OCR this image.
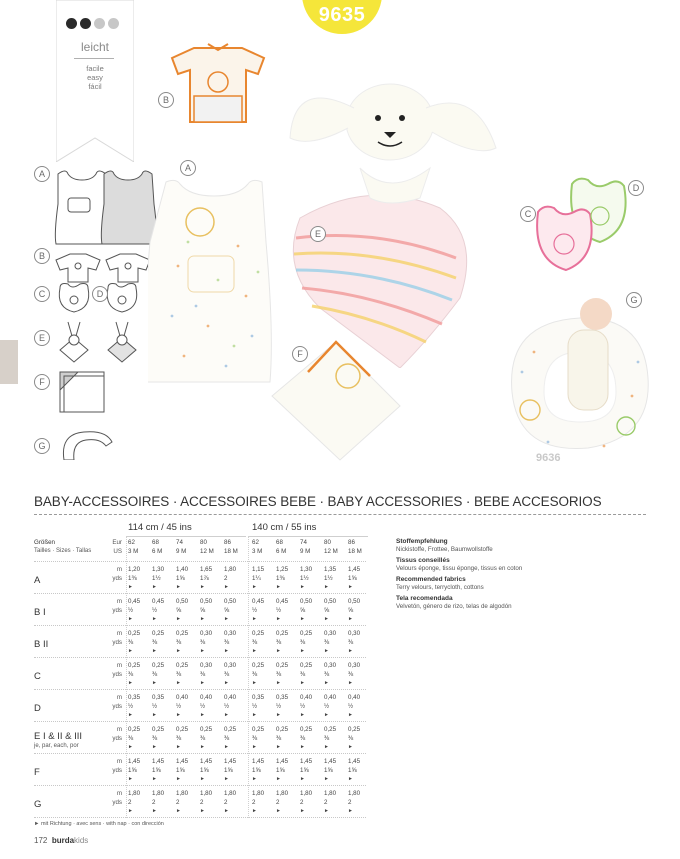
leicht
facile
easy
fácil
9635
A
B
C	D
E
F
G
B
A
E
F
C
D
G
9636
BABY-ACCESSOIRES · ACCESSOIRES BEBE · BABY ACCESSORIES · BEBE ACCESORIOS
114 cm / 45 ins	140 cm / 55 ins
Größen
Tailles · Sizes · Tallas
Eur
US
62
3 M
68
6 M
74
9 M
80
12 M
86
18 M
62
3 M
68
6 M
74
9 M
80
12 M
86
18 M
A
m
yds
1,20
1⅜
►
1,30
1½
►
1,40
1⅝
►
1,65
1⅞
►
1,80
2
►
1,15
1¼
►
1,25
1⅜
►
1,30
1½
►
1,35
1½
►
1,45
1⅝
►
B I
m
yds
0,45
½
►
0,45
½
►
0,50
⅝
►
0,50
⅝
►
0,50
⅝
►
0,45
½
►
0,45
½
►
0,50
⅝
►
0,50
⅝
►
0,50
⅝
►
B II
m
yds
0,25
⅜
►
0,25
⅜
►
0,25
⅜
►
0,30
⅜
►
0,30
⅜
►
0,25
⅜
►
0,25
⅜
►
0,25
⅜
►
0,30
⅜
►
0,30
⅜
►
C
m
yds
0,25
⅜
►
0,25
⅜
►
0,25
⅜
►
0,30
⅜
►
0,30
⅜
►
0,25
⅜
►
0,25
⅜
►
0,25
⅜
►
0,30
⅜
►
0,30
⅜
►
D
m
yds
0,35
½
►
0,35
½
►
0,40
½
►
0,40
½
►
0,40
½
►
0,35
½
►
0,35
½
►
0,40
½
►
0,40
½
►
0,40
½
►
E I & II & III
je, par, each, por
m
yds
0,25
⅜
►
0,25
⅜
►
0,25
⅜
►
0,25
⅜
►
0,25
⅜
►
0,25
⅜
►
0,25
⅜
►
0,25
⅜
►
0,25
⅜
►
0,25
⅜
►
F
m
yds
1,45
1⅝
►
1,45
1⅝
►
1,45
1⅝
►
1,45
1⅝
►
1,45
1⅝
►
1,45
1⅝
►
1,45
1⅝
►
1,45
1⅝
►
1,45
1⅝
►
1,45
1⅝
►
G
m
yds
1,80
2
►
1,80
2
►
1,80
2
►
1,80
2
►
1,80
2
►
1,80
2
►
1,80
2
►
1,80
2
►
1,80
2
►
1,80
2
►
Stoffempfehlung
Nickistoffe, Frottee, Baumwollstoffe
Tissus conseillés
Velours éponge, tissu éponge, tissus en coton
Recommended fabrics
Terry velours, terrycloth, cottons
Tela recomendada
Velvetón, género de rizo, telas de algodón
► mit Richtung · avec sens · with nap · con dirección
172 burdakids
